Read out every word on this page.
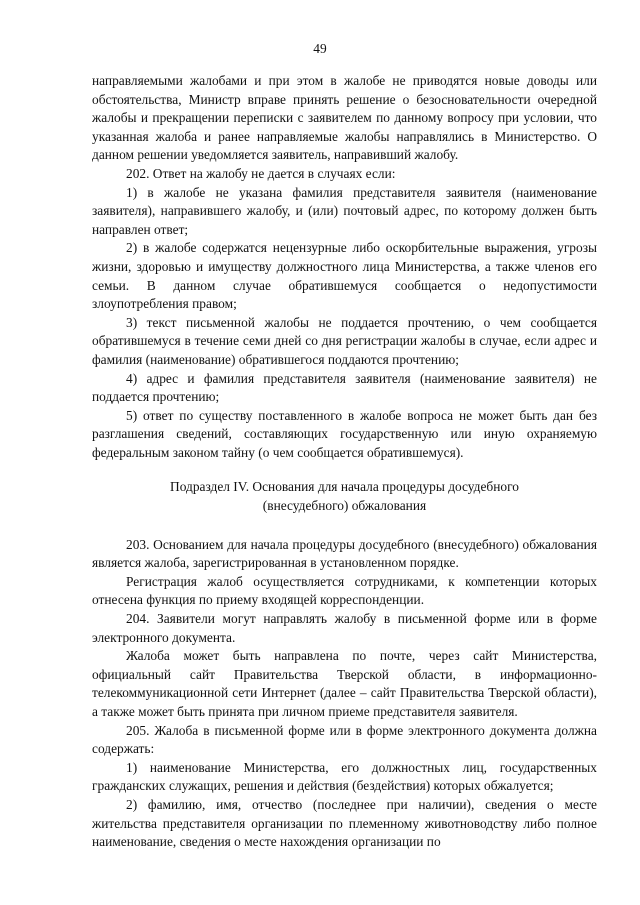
49

направляемыми жалобами и при этом в жалобе не приводятся новые доводы или обстоятельства, Министр вправе принять решение о безосновательности очередной жалобы и прекращении переписки с заявителем по данному вопросу при условии, что указанная жалоба и ранее направляемые жалобы направлялись в Министерство. О данном решении уведомляется заявитель, направивший жалобу.

202. Ответ на жалобу не дается в случаях если:

1) в жалобе не указана фамилия представителя заявителя (наименование заявителя), направившего жалобу, и (или) почтовый адрес, по которому должен быть направлен ответ;

2) в жалобе содержатся нецензурные либо оскорбительные выражения, угрозы жизни, здоровью и имуществу должностного лица Министерства, а также членов его семьи. В данном случае обратившемуся сообщается о недопустимости злоупотребления правом;

3) текст письменной жалобы не поддается прочтению, о чем сообщается обратившемуся в течение семи дней со дня регистрации жалобы в случае, если адрес и фамилия (наименование) обратившегося поддаются прочтению;

4) адрес и фамилия представителя заявителя (наименование заявителя) не поддается прочтению;

5) ответ по существу поставленного в жалобе вопроса не может быть дан без разглашения сведений, составляющих государственную или иную охраняемую федеральным законом тайну (о чем сообщается обратившемуся).

Подраздел IV. Основания для начала процедуры досудебного
(внесудебного) обжалования

203. Основанием для начала процедуры досудебного (внесудебного) обжалования является жалоба, зарегистрированная в установленном порядке.

Регистрация жалоб осуществляется сотрудниками, к компетенции которых отнесена функция по приему входящей корреспонденции.

204. Заявители могут направлять жалобу в письменной форме или в форме электронного документа.

Жалоба может быть направлена по почте, через сайт Министерства, официальный сайт Правительства Тверской области, в информационно-телекоммуникационной сети Интернет (далее – сайт Правительства Тверской области), а также может быть принята при личном приеме представителя заявителя.

205. Жалоба в письменной форме или в форме электронного документа должна содержать:

1) наименование Министерства, его должностных лиц, государственных гражданских служащих, решения и действия (бездействия) которых обжалуется;

2) фамилию, имя, отчество (последнее при наличии), сведения о месте жительства представителя организации по племенному животноводству либо полное наименование, сведения о месте нахождения организации по
